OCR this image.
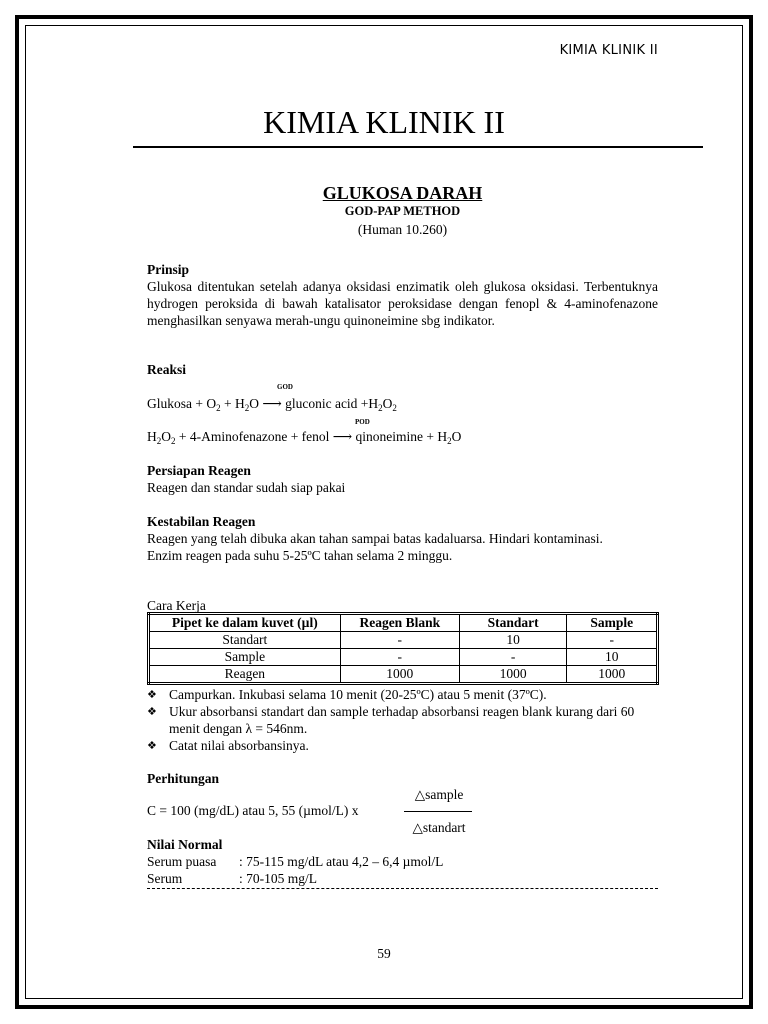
KIMIA KLINIK II
KIMIA KLINIK II
GLUKOSA DARAH
GOD-PAP METHOD
(Human 10.260)
Prinsip
Glukosa ditentukan setelah adanya oksidasi enzimatik oleh glukosa oksidasi. Terbentuknya hydrogen peroksida di bawah katalisator peroksidase dengan fenopl & 4-aminofenazone menghasilkan senyawa merah-ungu quinoneimine sbg indikator.
Reaksi
GOD
Glukosa + $O_2 + H_2O$ ⟶ gluconic acid $+H_2O_2$
POD
$H_2O_2$ + 4-Aminofenazone + fenol ⟶ qinoneimine + $H_2O$
Persiapan Reagen
Reagen dan standar sudah siap pakai
Kestabilan Reagen
Reagen yang telah dibuka akan tahan sampai batas kadaluarsa. Hindari kontaminasi.
Enzim reagen pada suhu 5-25ºC tahan selama 2 minggu.
Cara Kerja
Pipet ke dalam kuvet (µl)	Reagen Blank	Standart	Sample
Standart	-	10	-
Sample	-	-	10
Reagen	1000	1000	1000
❖ Campurkan. Inkubasi selama 10 menit (20-25ºC) atau 5 menit (37ºC).
❖ Ukur absorbansi standart dan sample terhadap absorbansi reagen blank kurang dari 60 menit dengan λ = 546nm.
❖ Catat nilai absorbansinya.
Perhitungan
△sample
C = 100 (mg/dL) atau 5, 55 (µmol/L) x
△standart
Nilai Normal
Serum puasa	: 75-115 mg/dL atau 4,2 – 6,4 µmol/L
Serum	: 70-105 mg/L
59
